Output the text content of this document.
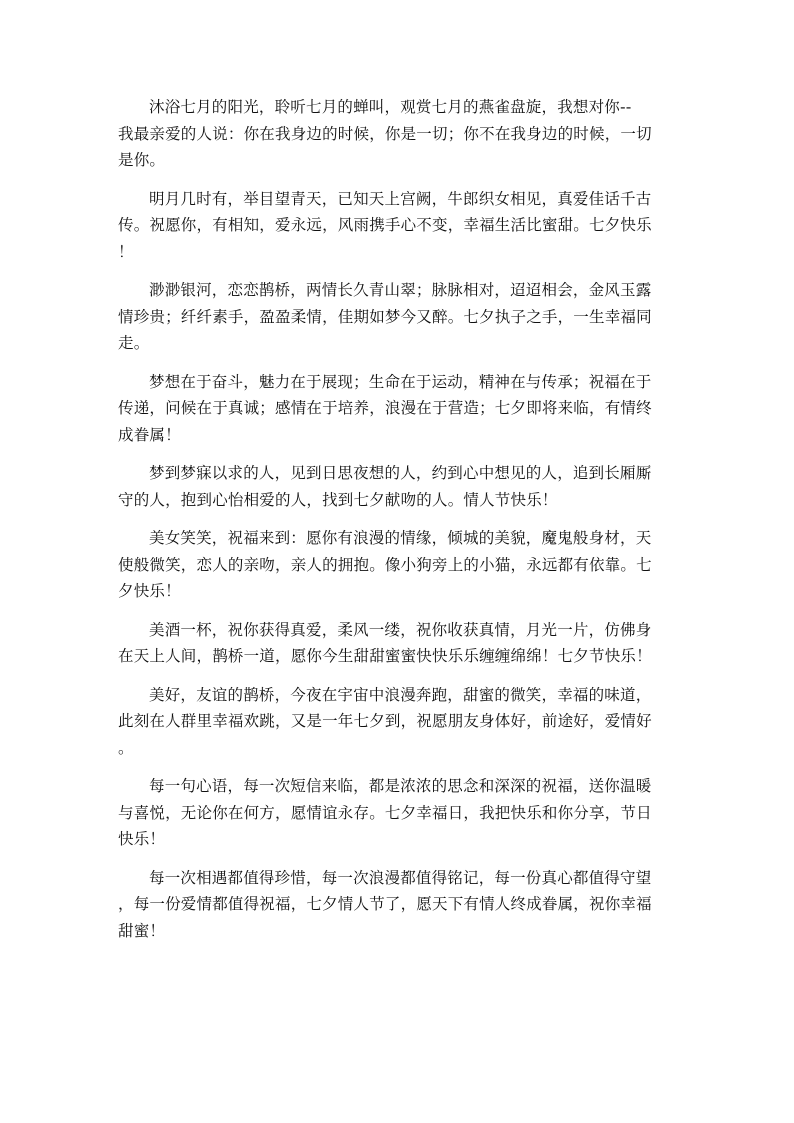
沐浴七月的阳光，聆听七月的蝉叫，观赏七月的燕雀盘旋，我想对你--
我最亲爱的人说：你在我身边的时候，你是一切；你不在我身边的时候，一切
是你。

明月几时有，举目望青天，已知天上宫阙，牛郎织女相见，真爱佳话千古
传。祝愿你，有相知，爱永远，风雨携手心不变，幸福生活比蜜甜。七夕快乐
！

渺渺银河，恋恋鹊桥，两情长久青山翠；脉脉相对，迢迢相会，金风玉露
情珍贵；纤纤素手，盈盈柔情，佳期如梦今又醉。七夕执子之手，一生幸福同
走。

梦想在于奋斗，魅力在于展现；生命在于运动，精神在与传承；祝福在于
传递，问候在于真诚；感情在于培养，浪漫在于营造；七夕即将来临，有情终
成眷属！

梦到梦寐以求的人，见到日思夜想的人，约到心中想见的人，追到长厢厮
守的人，抱到心怡相爱的人，找到七夕献吻的人。情人节快乐！

美女笑笑，祝福来到：愿你有浪漫的情缘，倾城的美貌，魔鬼般身材，天
使般微笑，恋人的亲吻，亲人的拥抱。像小狗旁上的小猫，永远都有依靠。七
夕快乐！

美酒一杯，祝你获得真爱，柔风一缕，祝你收获真情，月光一片，仿佛身
在天上人间，鹊桥一道，愿你今生甜甜蜜蜜快快乐乐缠缠绵绵！七夕节快乐！

美好，友谊的鹊桥，今夜在宇宙中浪漫奔跑，甜蜜的微笑，幸福的味道，
此刻在人群里幸福欢跳，又是一年七夕到，祝愿朋友身体好，前途好，爱情好
。

每一句心语，每一次短信来临，都是浓浓的思念和深深的祝福，送你温暖
与喜悦，无论你在何方，愿情谊永存。七夕幸福日，我把快乐和你分享，节日
快乐！

每一次相遇都值得珍惜，每一次浪漫都值得铭记，每一份真心都值得守望
，每一份爱情都值得祝福，七夕情人节了，愿天下有情人终成眷属，祝你幸福
甜蜜！
